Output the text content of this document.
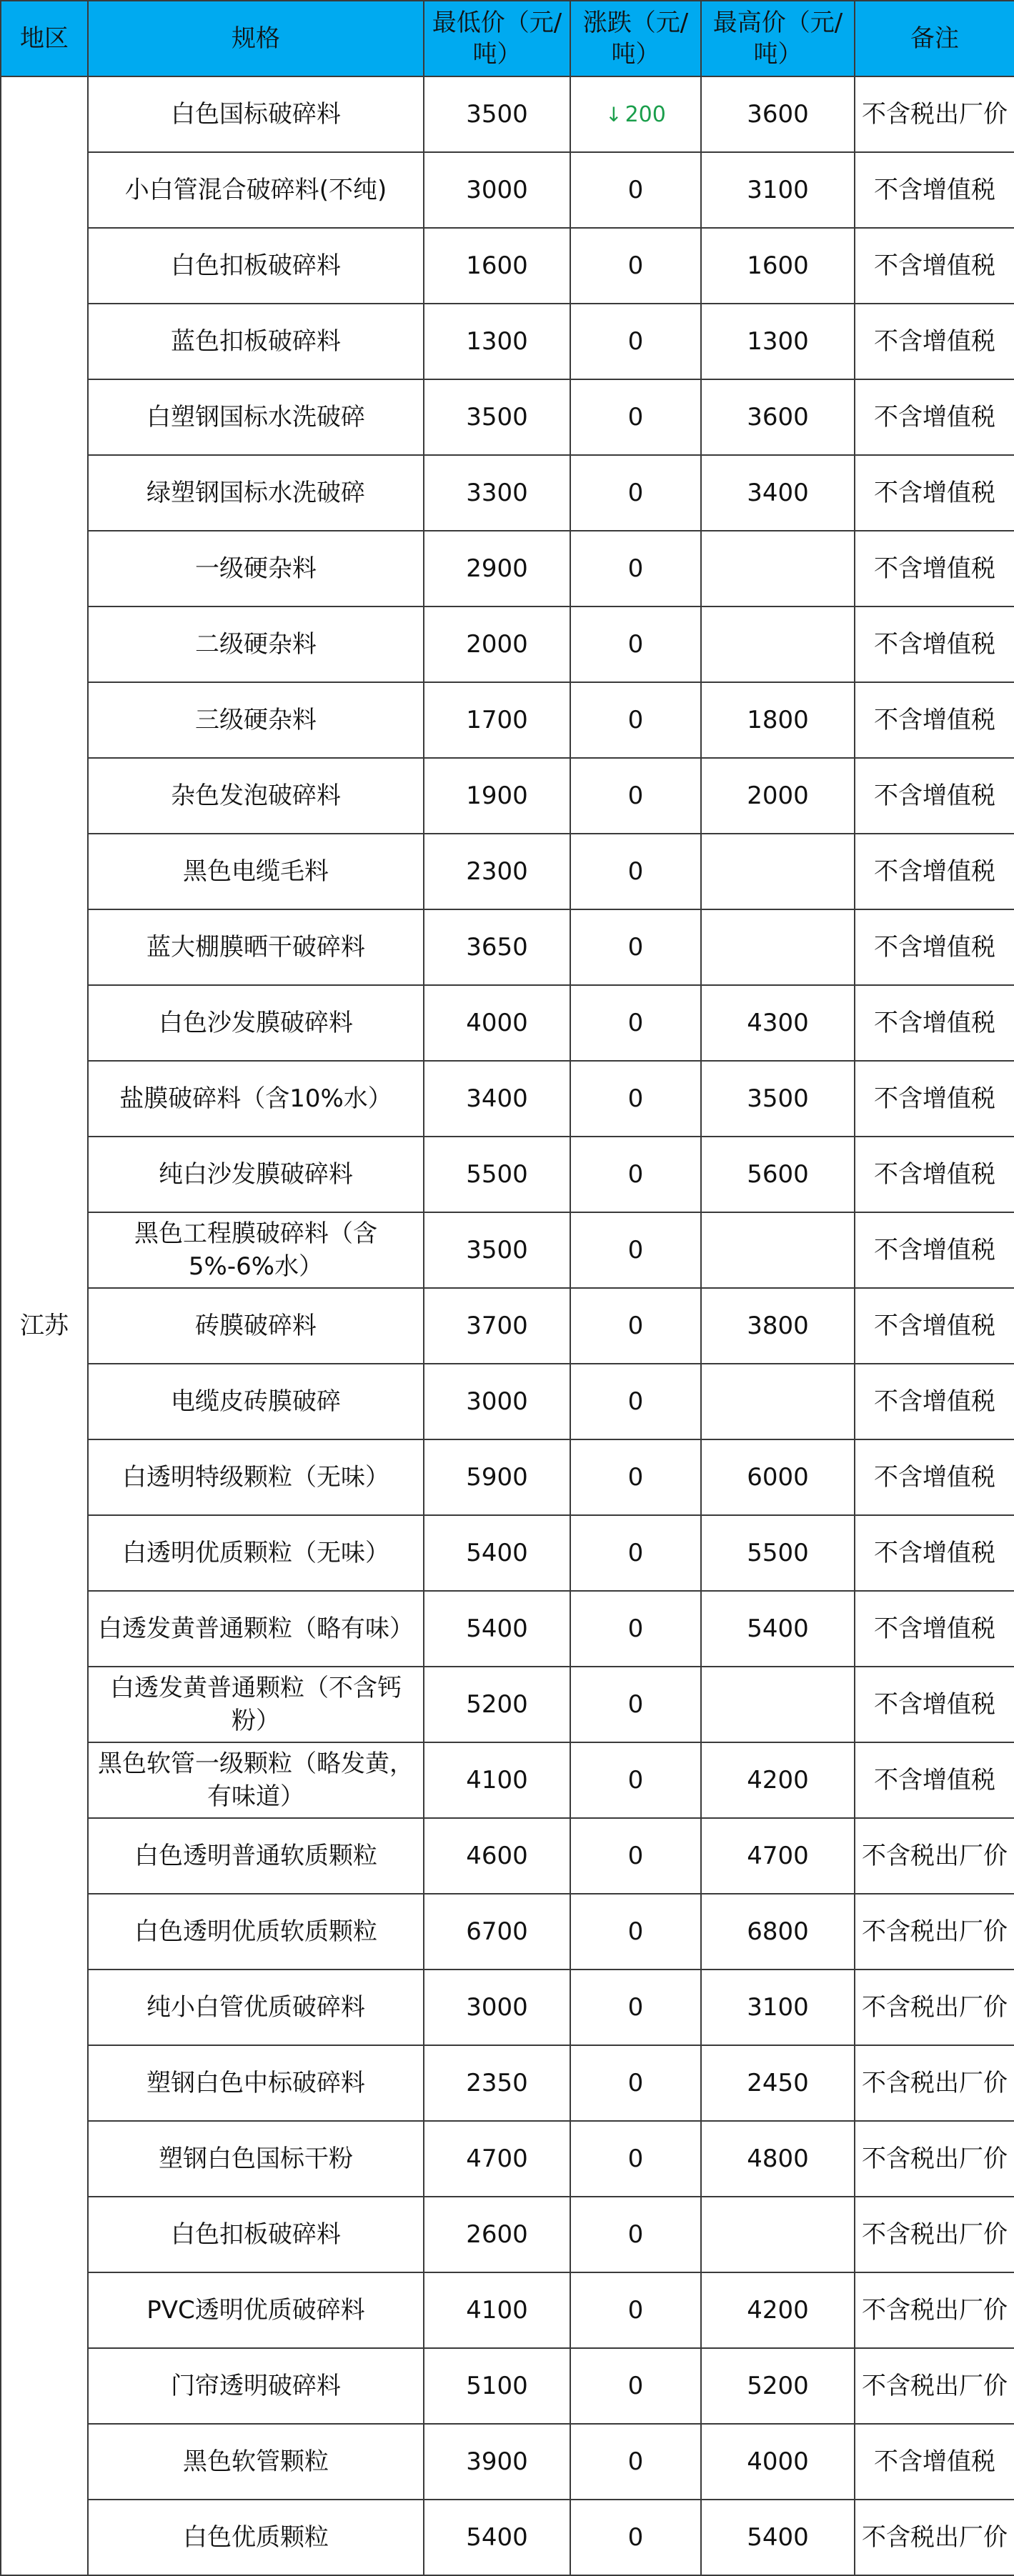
地区	规格	最低价（元/吨）	涨跌（元/吨）	最高价（元/吨）	备注
江苏	白色国标破碎料	3500	↓ 200	3600	不含税出厂价
	小白管混合破碎料(不纯)	3000	0	3100	不含增值税
	白色扣板破碎料	1600	0	1600	不含增值税
	蓝色扣板破碎料	1300	0	1300	不含增值税
	白塑钢国标水洗破碎	3500	0	3600	不含增值税
	绿塑钢国标水洗破碎	3300	0	3400	不含增值税
	一级硬杂料	2900	0		不含增值税
	二级硬杂料	2000	0		不含增值税
	三级硬杂料	1700	0	1800	不含增值税
	杂色发泡破碎料	1900	0	2000	不含增值税
	黑色电缆毛料	2300	0		不含增值税
	蓝大棚膜晒干破碎料	3650	0		不含增值税
	白色沙发膜破碎料	4000	0	4300	不含增值税
	盐膜破碎料（含10%水）	3400	0	3500	不含增值税
	纯白沙发膜破碎料	5500	0	5600	不含增值税
	黑色工程膜破碎料（含5%-6%水）	3500	0		不含增值税
	砖膜破碎料	3700	0	3800	不含增值税
	电缆皮砖膜破碎	3000	0		不含增值税
	白透明特级颗粒（无味）	5900	0	6000	不含增值税
	白透明优质颗粒（无味）	5400	0	5500	不含增值税
	白透发黄普通颗粒（略有味）	5400	0	5400	不含增值税
	白透发黄普通颗粒（不含钙粉）	5200	0		不含增值税
	黑色软管一级颗粒（略发黄，有味道）	4100	0	4200	不含增值税
	白色透明普通软质颗粒	4600	0	4700	不含税出厂价
	白色透明优质软质颗粒	6700	0	6800	不含税出厂价
	纯小白管优质破碎料	3000	0	3100	不含税出厂价
	塑钢白色中标破碎料	2350	0	2450	不含税出厂价
	塑钢白色国标干粉	4700	0	4800	不含税出厂价
	白色扣板破碎料	2600	0		不含税出厂价
	PVC透明优质破碎料	4100	0	4200	不含税出厂价
	门帘透明破碎料	5100	0	5200	不含税出厂价
	黑色软管颗粒	3900	0	4000	不含增值税
	白色优质颗粒	5400	0	5400	不含税出厂价
